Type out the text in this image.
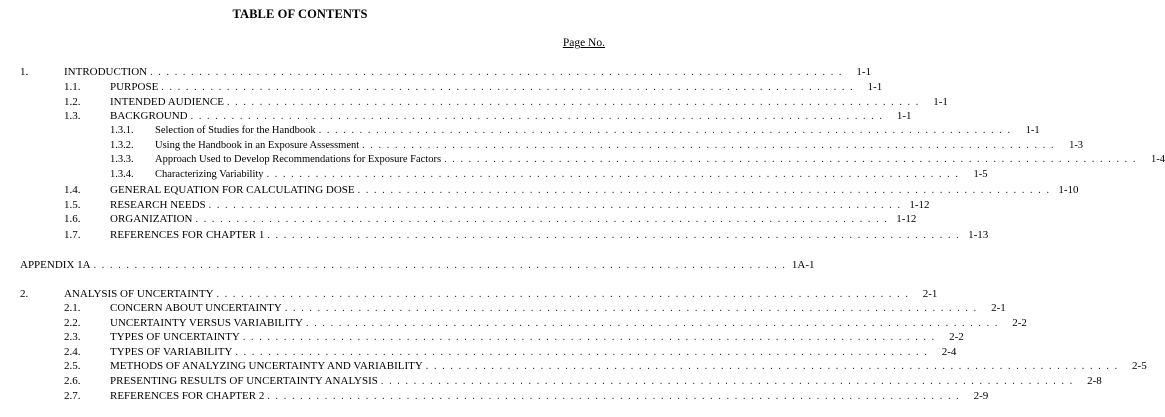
TABLE OF CONTENTS
Page No.
1.	INTRODUCTION . . . . . . . . . . . . . . . . . . . . . . . . . . . . . . . . . . . . . . . . . . . . . . . . . . . . . . . . . . . . . . . . . . . . . . . . . . . . . . . . . . . . .	1-1
1.1.	PURPOSE . . . . . . . . . . . . . . . . . . . . . . . . . . . . . . . . . . . . . . . . . . . . . . . . . . . . . . . . . . . . . . . . . . . . . . . . . . . . . . . . . . . . .	1-1
1.2.	INTENDED AUDIENCE . . . . . . . . . . . . . . . . . . . . . . . . . . . . . . . . . . . . . . . . . . . . . . . . . . . . . . . . . . . . . . . . . . . . . . . . . . . . . . . . . . . . .	1-1
1.3.	BACKGROUND . . . . . . . . . . . . . . . . . . . . . . . . . . . . . . . . . . . . . . . . . . . . . . . . . . . . . . . . . . . . . . . . . . . . . . . . . . . . . . . . . . . . .	1-1
1.3.1. Selection of Studies for the Handbook . . . . . . . . . . . . . . . . . . . . . . . . . . . . . . . . . . . . . . . . . . . . . . . . . . . . . . . . . . . . . . . . . . . . . . . . . . . . . . . . . . . . .	1-1
1.3.2. Using the Handbook in an Exposure Assessment . . . . . . . . . . . . . . . . . . . . . . . . . . . . . . . . . . . . . . . . . . . . . . . . . . . . . . . . . . . . . . . . . . . . . . . . . . . . . . . . . . . . .	1-3
1.3.3. Approach Used to Develop Recommendations for Exposure Factors . . . . . . . . . . . . . . . . . . . . . . . . . . . . . . . . . . . . . . . . . . . . . . . . . . . . . . . . . . . . . . . . . . . . . . . . . . . . . . . . . . . . .	1-4
1.3.4. Characterizing Variability . . . . . . . . . . . . . . . . . . . . . . . . . . . . . . . . . . . . . . . . . . . . . . . . . . . . . . . . . . . . . . . . . . . . . . . . . . . . . . . . . . . . .	1-5
1.4.	GENERAL EQUATION FOR CALCULATING DOSE . . . . . . . . . . . . . . . . . . . . . . . . . . . . . . . . . . . . . . . . . . . . . . . . . . . . . . . . . . . . . . . . . . . . . . . . . . . . . . . . . . . . . 1-10
1.5.	RESEARCH NEEDS . . . . . . . . . . . . . . . . . . . . . . . . . . . . . . . . . . . . . . . . . . . . . . . . . . . . . . . . . . . . . . . . . . . . . . . . . . . . . . . . . . . . . 1-12
1.6.	ORGANIZATION . . . . . . . . . . . . . . . . . . . . . . . . . . . . . . . . . . . . . . . . . . . . . . . . . . . . . . . . . . . . . . . . . . . . . . . . . . . . . . . . . . . . . 1-12
1.7.	REFERENCES FOR CHAPTER 1 . . . . . . . . . . . . . . . . . . . . . . . . . . . . . . . . . . . . . . . . . . . . . . . . . . . . . . . . . . . . . . . . . . . . . . . . . . . . . . . . . . . . . 1-13
APPENDIX 1A . . . . . . . . . . . . . . . . . . . . . . . . . . . . . . . . . . . . . . . . . . . . . . . . . . . . . . . . . . . . . . . . . . . . . . . . . . . . . . . . . . . . . 1A-1
2.	ANALYSIS OF UNCERTAINTY . . . . . . . . . . . . . . . . . . . . . . . . . . . . . . . . . . . . . . . . . . . . . . . . . . . . . . . . . . . . . . . . . . . . . . . . . . . . . . . . . . . . .	2-1
2.1.	CONCERN ABOUT UNCERTAINTY . . . . . . . . . . . . . . . . . . . . . . . . . . . . . . . . . . . . . . . . . . . . . . . . . . . . . . . . . . . . . . . . . . . . . . . . . . . . . . . . . . . . .	2-1
2.2.	UNCERTAINTY VERSUS VARIABILITY . . . . . . . . . . . . . . . . . . . . . . . . . . . . . . . . . . . . . . . . . . . . . . . . . . . . . . . . . . . . . . . . . . . . . . . . . . . . . . . . . . . . .	2-2
2.3.	TYPES OF UNCERTAINTY . . . . . . . . . . . . . . . . . . . . . . . . . . . . . . . . . . . . . . . . . . . . . . . . . . . . . . . . . . . . . . . . . . . . . . . . . . . . . . . . . . . . .	2-2
2.4.	TYPES OF VARIABILITY . . . . . . . . . . . . . . . . . . . . . . . . . . . . . . . . . . . . . . . . . . . . . . . . . . . . . . . . . . . . . . . . . . . . . . . . . . . . . . . . . . . . .	2-4
2.5.	METHODS OF ANALYZING UNCERTAINTY AND VARIABILITY . . . . . . . . . . . . . . . . . . . . . . . . . . . . . . . . . . . . . . . . . . . . . . . . . . . . . . . . . . . . . . . . . . . . . . . . . . . . . . . . . . . . .	2-5
2.6.	PRESENTING RESULTS OF UNCERTAINTY ANALYSIS . . . . . . . . . . . . . . . . . . . . . . . . . . . . . . . . . . . . . . . . . . . . . . . . . . . . . . . . . . . . . . . . . . . . . . . . . . . . . . . . . . . . .	2-8
2.7.	REFERENCES FOR CHAPTER 2 . . . . . . . . . . . . . . . . . . . . . . . . . . . . . . . . . . . . . . . . . . . . . . . . . . . . . . . . . . . . . . . . . . . . . . . . . . . . . . . . . . . . .	2-9
